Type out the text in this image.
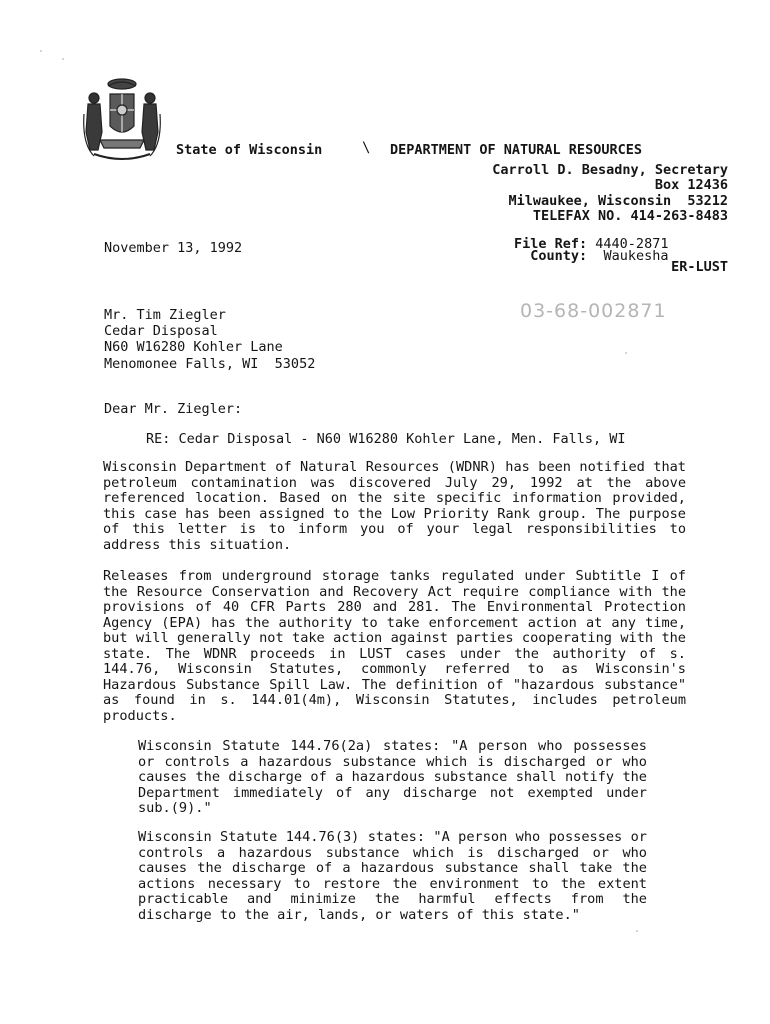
State of Wisconsin	\ DEPARTMENT OF NATURAL RESOURCES
Carroll D. Besadny, Secretary
Box 12436
Milwaukee, Wisconsin  53212
TELEFAX NO. 414-263-8483
November 13, 1992	File Ref: 4440-2871
County: Waukesha
ER-LUST
03-68-002871
Mr. Tim Ziegler
Cedar Disposal
N60 W16280 Kohler Lane
Menomonee Falls, WI  53052
Dear Mr. Ziegler:
RE: Cedar Disposal - N60 W16280 Kohler Lane, Men. Falls, WI

Wisconsin Department of Natural Resources (WDNR) has been notified that petroleum contamination was discovered July 29, 1992 at the above referenced location. Based on the site specific information provided, this case has been assigned to the Low Priority Rank group. The purpose of this letter is to inform you of your legal responsibilities to address this situation.

Releases from underground storage tanks regulated under Subtitle I of the Resource Conservation and Recovery Act require compliance with the provisions of 40 CFR Parts 280 and 281. The Environmental Protection Agency (EPA) has the authority to take enforcement action at any time, but will generally not take action against parties cooperating with the state. The WDNR proceeds in LUST cases under the authority of s. 144.76, Wisconsin Statutes, commonly referred to as Wisconsin's Hazardous Substance Spill Law. The definition of "hazardous substance" as found in s. 144.01(4m), Wisconsin Statutes, includes petroleum products.

Wisconsin Statute 144.76(2a) states: "A person who possesses or controls a hazardous substance which is discharged or who causes the discharge of a hazardous substance shall notify the Department immediately of any discharge not exempted under sub.(9)."

Wisconsin Statute 144.76(3) states: "A person who possesses or controls a hazardous substance which is discharged or who causes the discharge of a hazardous substance shall take the actions necessary to restore the environment to the extent practicable and minimize the harmful effects from the discharge to the air, lands, or waters of this state."
